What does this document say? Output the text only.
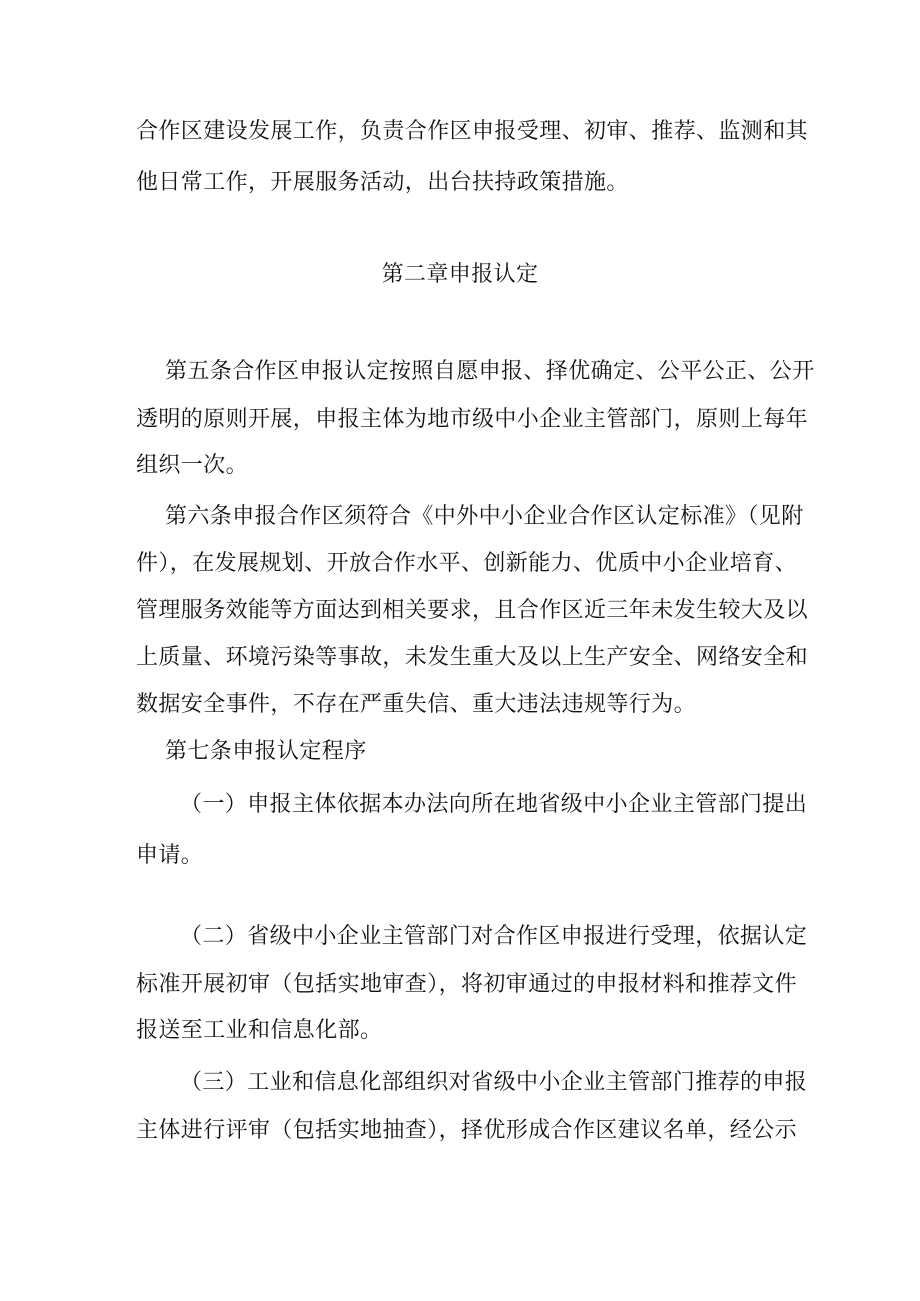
合作区建设发展工作，负责合作区申报受理、初审、推荐、监测和其
他日常工作，开展服务活动，出台扶持政策措施。
第二章申报认定
第五条合作区申报认定按照自愿申报、择优确定、公平公正、公开
透明的原则开展，申报主体为地市级中小企业主管部门，原则上每年
组织一次。
第六条申报合作区须符合《中外中小企业合作区认定标准》（见附
件），在发展规划、开放合作水平、创新能力、优质中小企业培育、
管理服务效能等方面达到相关要求，且合作区近三年未发生较大及以
上质量、环境污染等事故，未发生重大及以上生产安全、网络安全和
数据安全事件，不存在严重失信、重大违法违规等行为。
第七条申报认定程序
（一）申报主体依据本办法向所在地省级中小企业主管部门提出
申请。
（二）省级中小企业主管部门对合作区申报进行受理，依据认定
标准开展初审（包括实地审查），将初审通过的申报材料和推荐文件
报送至工业和信息化部。
（三）工业和信息化部组织对省级中小企业主管部门推荐的申报
主体进行评审（包括实地抽查），择优形成合作区建议名单，经公示
